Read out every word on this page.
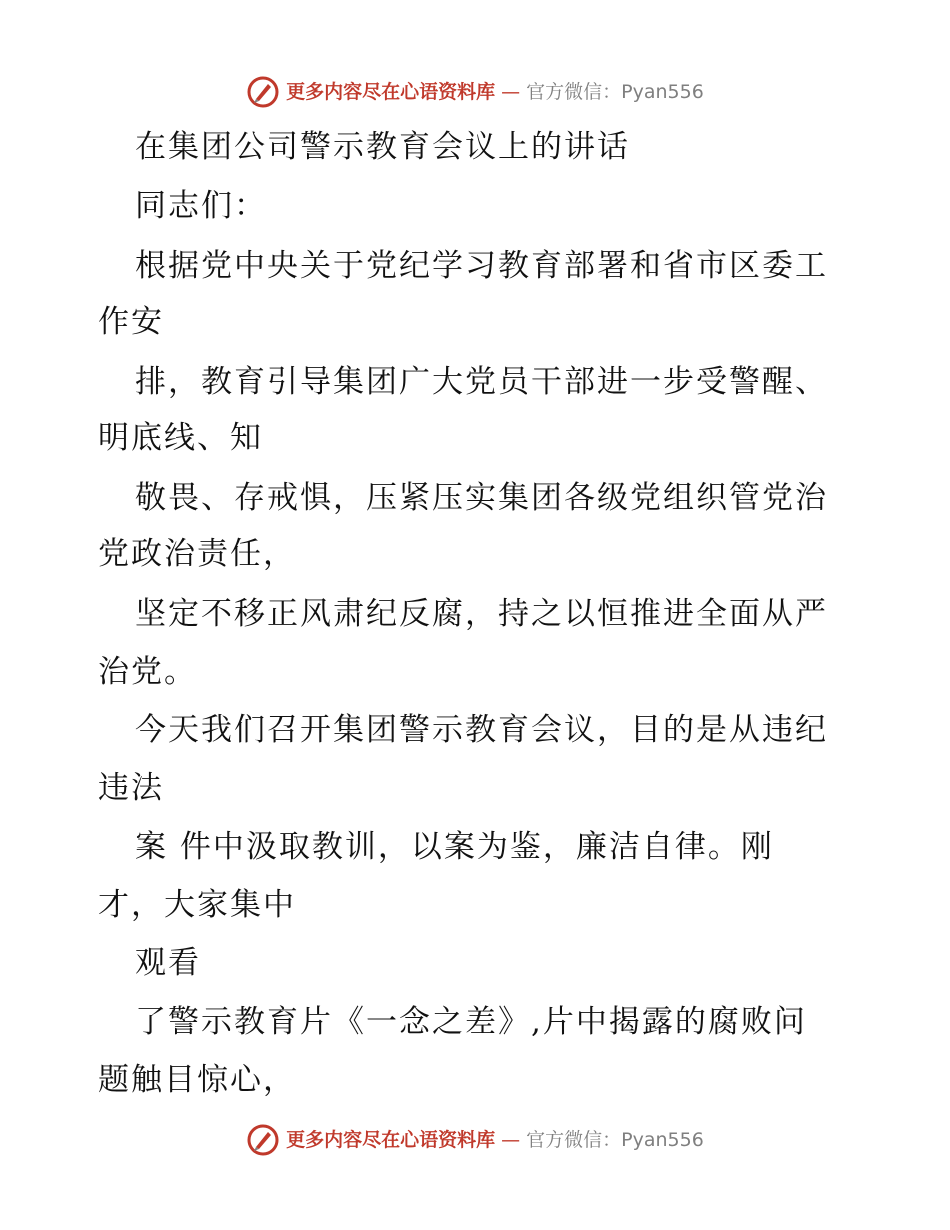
更多内容尽在心语资料库 — 官方微信：Pyan556
在集团公司警示教育会议上的讲话
同志们：
根据党中央关于党纪学习教育部署和省市区委工
作安
排，教育引导集团广大党员干部进一步受警醒、
明底线、知
敬畏、存戒惧，压紧压实集团各级党组织管党治
党政治责任，
坚定不移正风肃纪反腐，持之以恒推进全面从严
治党。
今天我们召开集团警示教育会议，目的是从违纪
违法
案 件中汲取教训，以案为鉴，廉洁自律。刚
才，大家集中
观看
了警示教育片《一念之差》,片中揭露的腐败问
题触目惊心，
更多内容尽在心语资料库 — 官方微信：Pyan556
